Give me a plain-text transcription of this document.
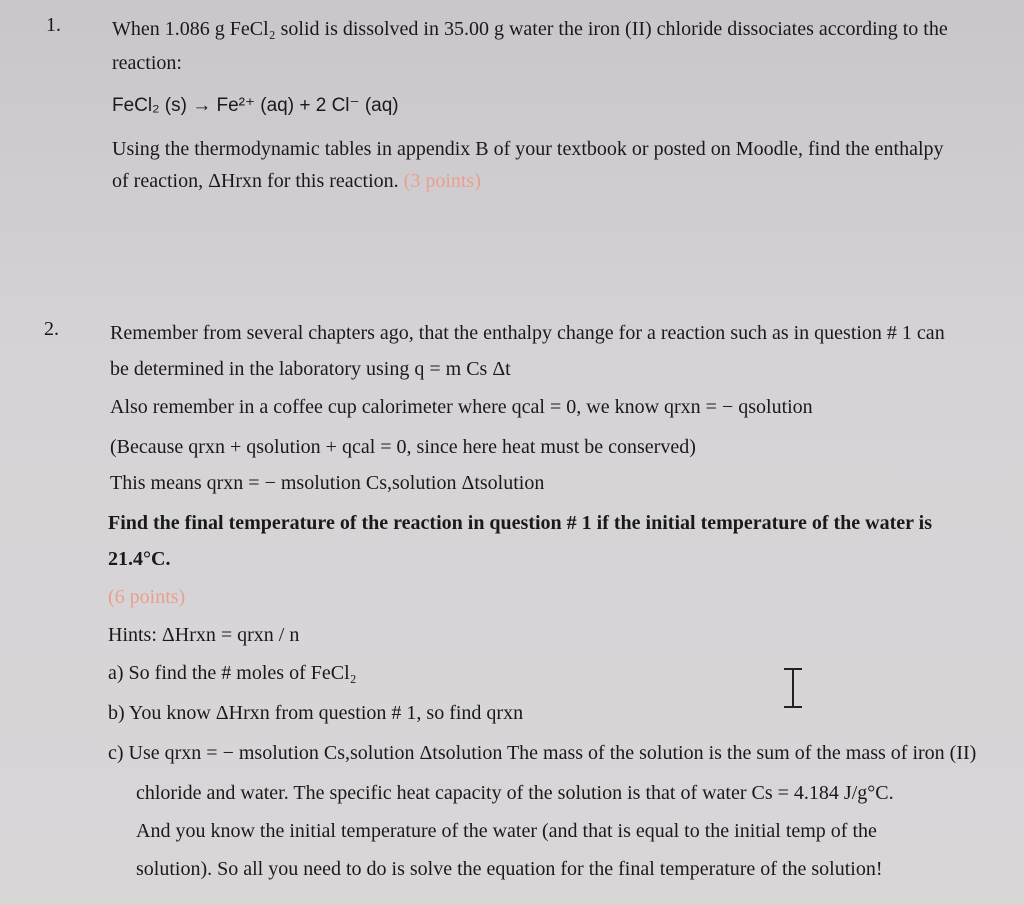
1.	When 1.086 g FeCl₂ solid is dissolved in 35.00 g water the iron (II) chloride dissociates according to the
reaction:
FeCl₂ (s) → Fe²⁺ (aq) + 2 Cl⁻ (aq)
Using the thermodynamic tables in appendix B of your textbook or posted on Moodle, find the enthalpy
of reaction, ΔHrxn for this reaction. (3 points)
2.	Remember from several chapters ago, that the enthalpy change for a reaction such as in question # 1 can
be determined in the laboratory using q = m Cs Δt
Also remember in a coffee cup calorimeter where qcal = 0, we know qrxn = − qsolution
(Because qrxn + qsolution + qcal = 0, since here heat must be conserved)
This means qrxn = − msolution Cs,solution Δtsolution
Find the final temperature of the reaction in question # 1 if the initial temperature of the water is
21.4°C.
(6 points)
Hints: ΔHrxn = qrxn / n
a) So find the # moles of FeCl₂
b) You know ΔHrxn from question # 1, so find qrxn
c) Use qrxn = − msolution Cs,solution Δtsolution The mass of the solution is the sum of the mass of iron (II)
chloride and water. The specific heat capacity of the solution is that of water Cs = 4.184 J/g°C.
And you know the initial temperature of the water (and that is equal to the initial temp of the
solution). So all you need to do is solve the equation for the final temperature of the solution!
